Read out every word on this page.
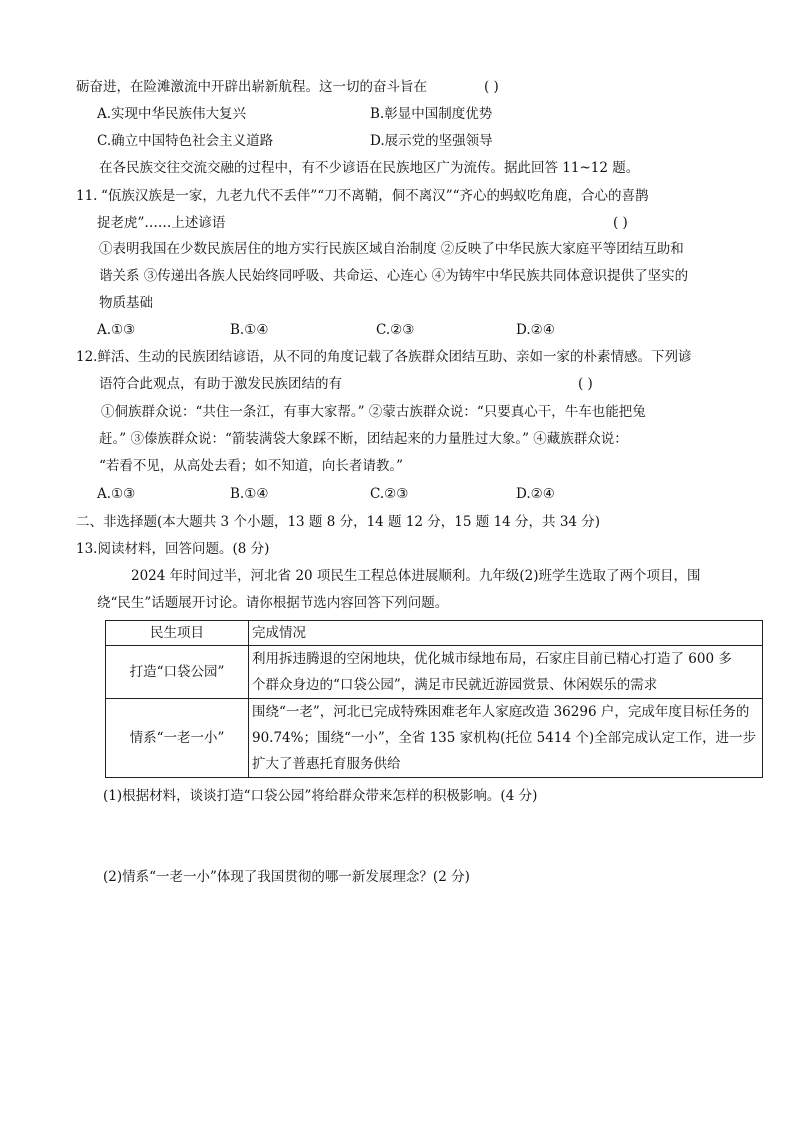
砺奋进，在险滩激流中开辟出崭新航程。这一切的奋斗旨在	( )
A.实现中华民族伟大复兴	B.彰显中国制度优势
C.确立中国特色社会主义道路	D.展示党的坚强领导
在各民族交往交流交融的过程中，有不少谚语在民族地区广为流传。据此回答 11~12 题。
11. “佤族汉族是一家，九老九代不丢伴”“刀不离鞘，侗不离汉”“齐心的蚂蚁吃角鹿，合心的喜鹊
捉老虎”……上述谚语	( )
①表明我国在少数民族居住的地方实行民族区域自治制度 ②反映了中华民族大家庭平等团结互助和
谐关系 ③传递出各族人民始终同呼吸、共命运、心连心 ④为铸牢中华民族共同体意识提供了坚实的
物质基础
A.①③	B.①④	C.②③	D.②④
12.鲜活、生动的民族团结谚语，从不同的角度记载了各族群众团结互助、亲如一家的朴素情感。下列谚
语符合此观点，有助于激发民族团结的有	( )
①侗族群众说：“共住一条江，有事大家帮。” ②蒙古族群众说：“只要真心干，牛车也能把兔
赶。” ③傣族群众说：“箭装满袋大象踩不断，团结起来的力量胜过大象。” ④藏族群众说：
“若看不见，从高处去看；如不知道，向长者请教。”
A.①③	B.①④	C.②③	D.②④
二、非选择题(本大题共 3 个小题，13 题 8 分，14 题 12 分，15 题 14 分，共 34 分)
13.阅读材料，回答问题。(8 分)
2024 年时间过半，河北省 20 项民生工程总体进展顺利。九年级(2)班学生选取了两个项目，围
绕“民生”话题展开讨论。请你根据节选内容回答下列问题。
民生项目	完成情况
打造“口袋公园”	利用拆违腾退的空闲地块，优化城市绿地布局，石家庄目前已精心打造了 600 多
个群众身边的“口袋公园”，满足市民就近游园赏景、休闲娱乐的需求

情系“一老一小”	围绕“一老”，河北已完成特殊困难老年人家庭改造 36296 户，完成年度目标任务的
90.74%；围绕“一小”，全省 135 家机构(托位 5414 个)全部完成认定工作，进一步
扩大了普惠托育服务供给
(1)根据材料，谈谈打造“口袋公园”将给群众带来怎样的积极影响。(4 分)
(2)情系“一老一小”体现了我国贯彻的哪一新发展理念？(2 分)
